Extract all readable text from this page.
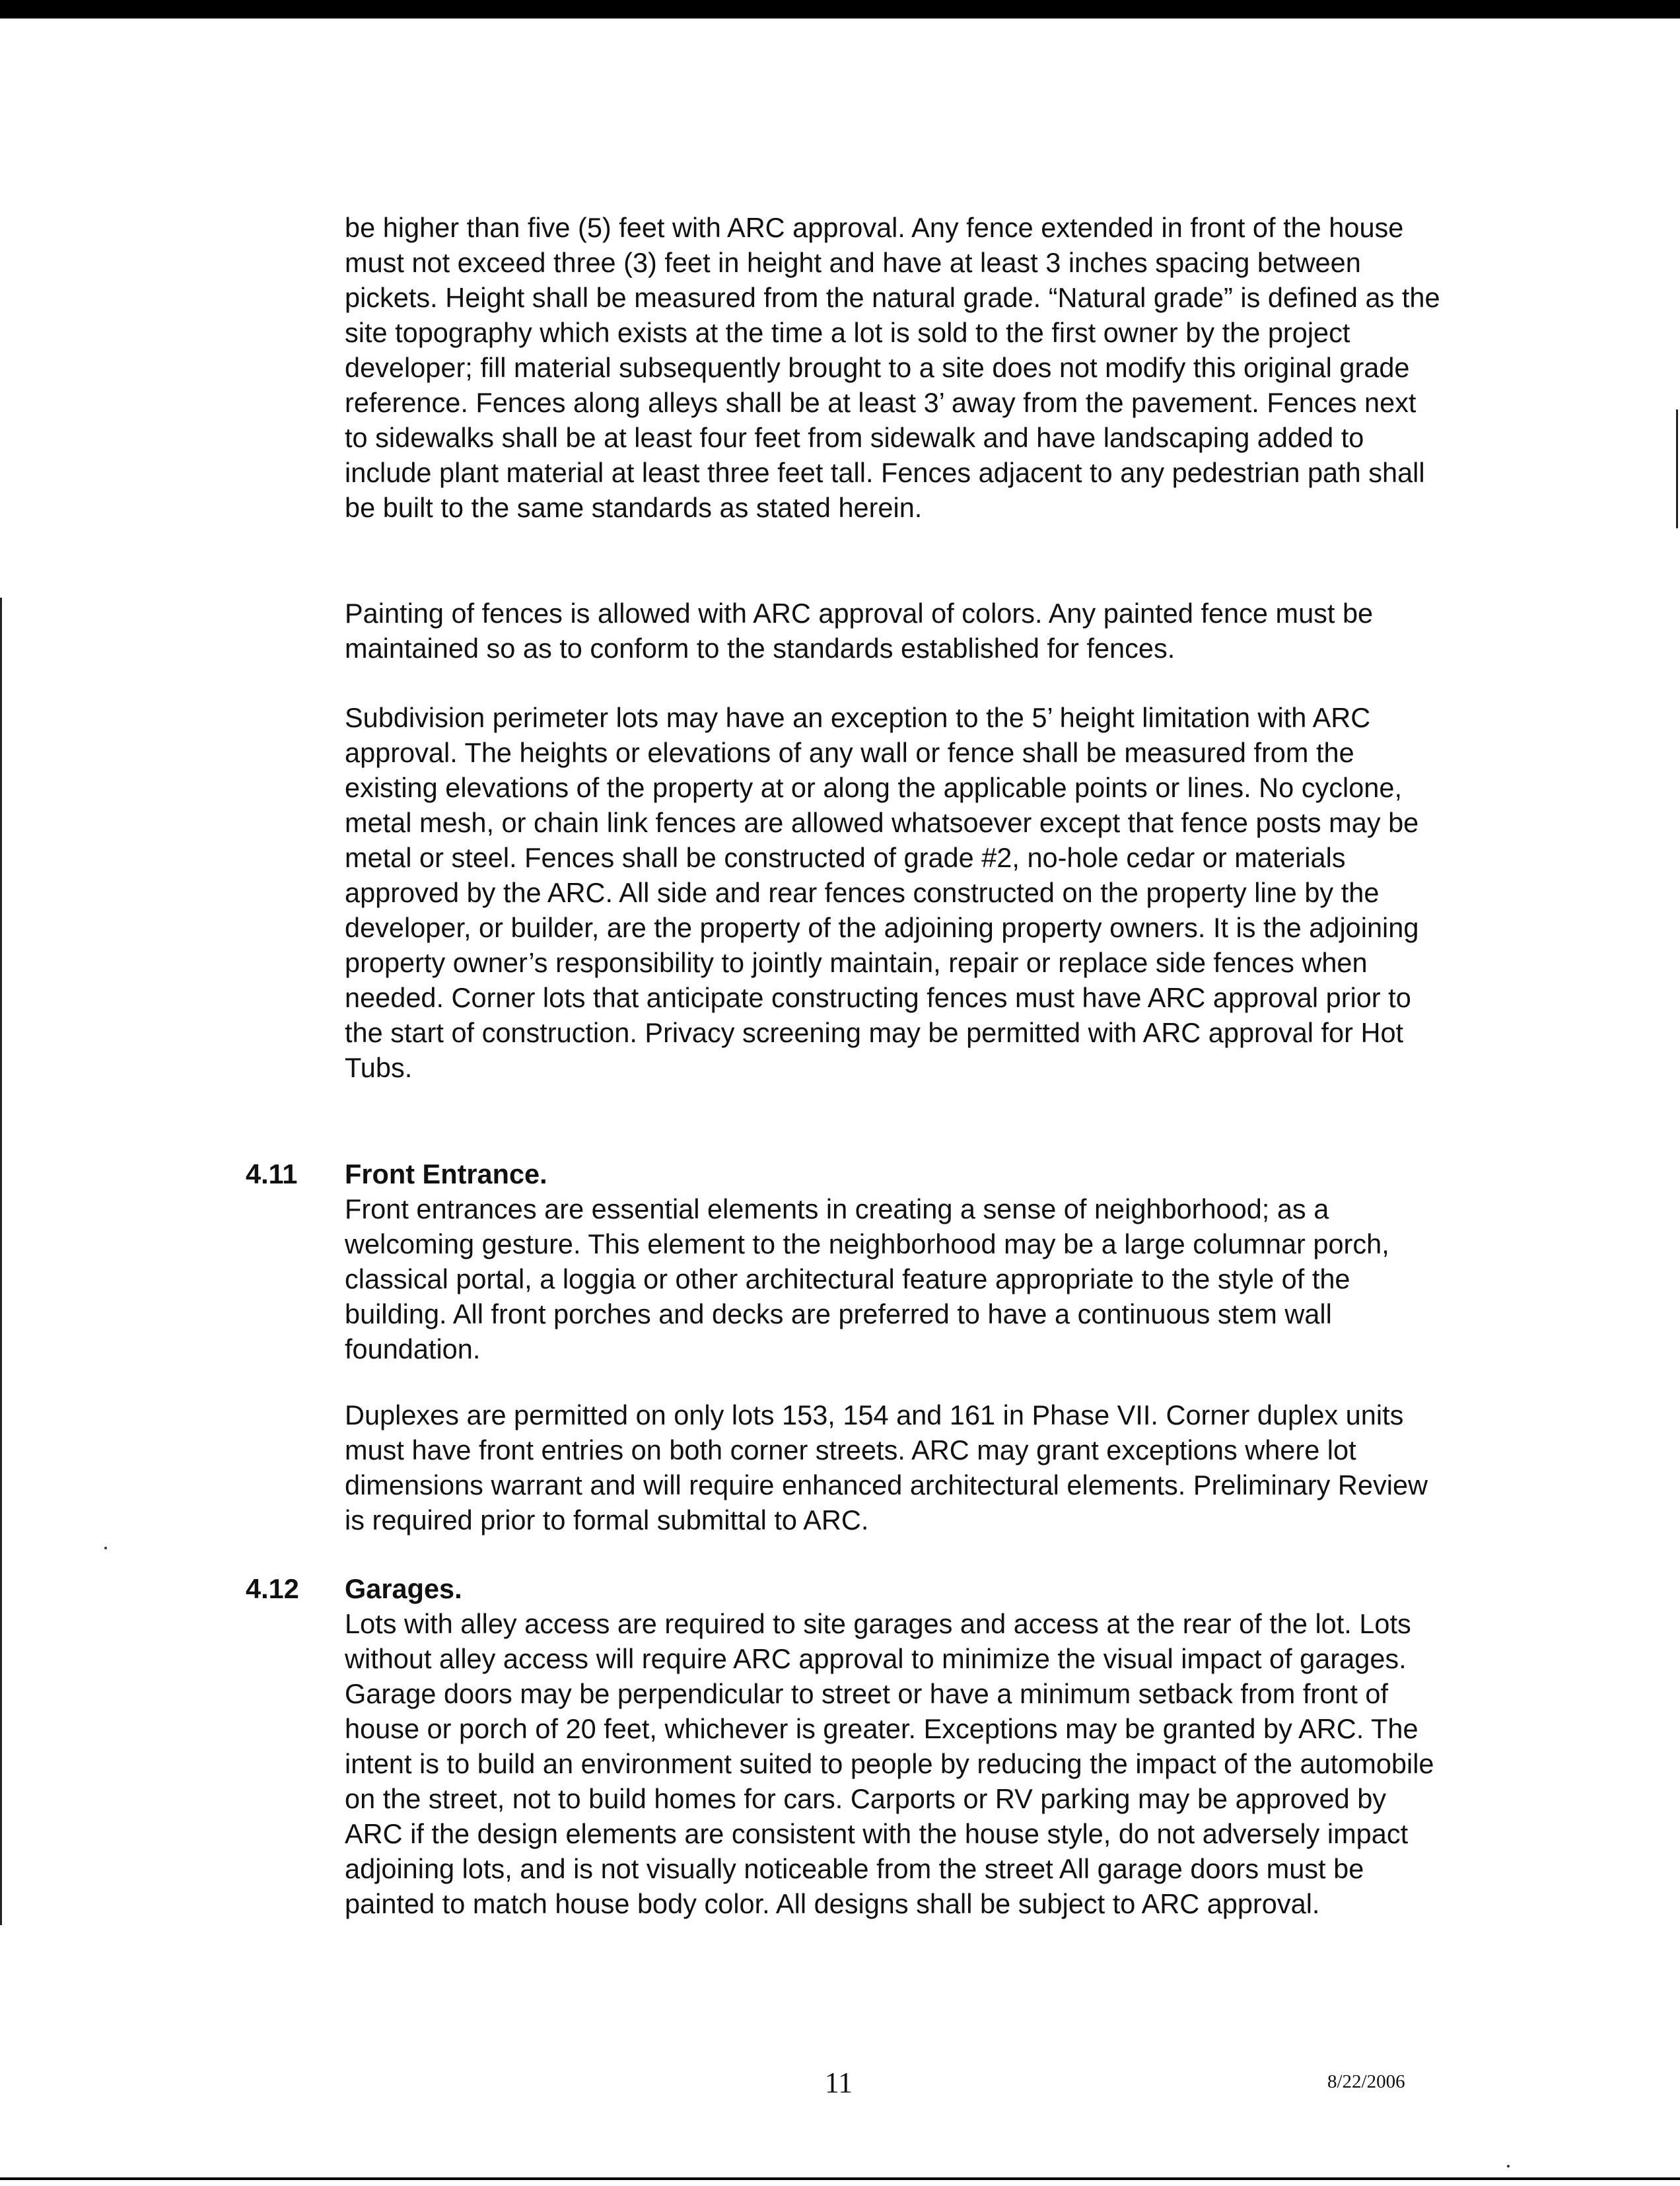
be higher than five (5) feet with ARC approval. Any fence extended in front of the house must not exceed three (3) feet in height and have at least 3 inches spacing between pickets. Height shall be measured from the natural grade. “Natural grade” is defined as the site topography which exists at the time a lot is sold to the first owner by the project developer; fill material subsequently brought to a site does not modify this original grade reference. Fences along alleys shall be at least 3’ away from the pavement. Fences next to sidewalks shall be at least four feet from sidewalk and have landscaping added to include plant material at least three feet tall. Fences adjacent to any pedestrian path shall be built to the same standards as stated herein.

Painting of fences is allowed with ARC approval of colors. Any painted fence must be maintained so as to conform to the standards established for fences.

Subdivision perimeter lots may have an exception to the 5’ height limitation with ARC approval. The heights or elevations of any wall or fence shall be measured from the existing elevations of the property at or along the applicable points or lines. No cyclone, metal mesh, or chain link fences are allowed whatsoever except that fence posts may be metal or steel. Fences shall be constructed of grade #2, no-hole cedar or materials approved by the ARC. All side and rear fences constructed on the property line by the developer, or builder, are the property of the adjoining property owners. It is the adjoining property owner’s responsibility to jointly maintain, repair or replace side fences when needed. Corner lots that anticipate constructing fences must have ARC approval prior to the start of construction. Privacy screening may be permitted with ARC approval for Hot Tubs.

4.11 Front Entrance.

Front entrances are essential elements in creating a sense of neighborhood; as a welcoming gesture. This element to the neighborhood may be a large columnar porch, classical portal, a loggia or other architectural feature appropriate to the style of the building. All front porches and decks are preferred to have a continuous stem wall foundation.

Duplexes are permitted on only lots 153, 154 and 161 in Phase VII. Corner duplex units must have front entries on both corner streets. ARC may grant exceptions where lot dimensions warrant and will require enhanced architectural elements. Preliminary Review is required prior to formal submittal to ARC.

4.12 Garages.

Lots with alley access are required to site garages and access at the rear of the lot. Lots without alley access will require ARC approval to minimize the visual impact of garages. Garage doors may be perpendicular to street or have a minimum setback from front of house or porch of 20 feet, whichever is greater. Exceptions may be granted by ARC. The intent is to build an environment suited to people by reducing the impact of the automobile on the street, not to build homes for cars. Carports or RV parking may be approved by ARC if the design elements are consistent with the house style, do not adversely impact adjoining lots, and is not visually noticeable from the street All garage doors must be painted to match house body color. All designs shall be subject to ARC approval.

11	8/22/2006
